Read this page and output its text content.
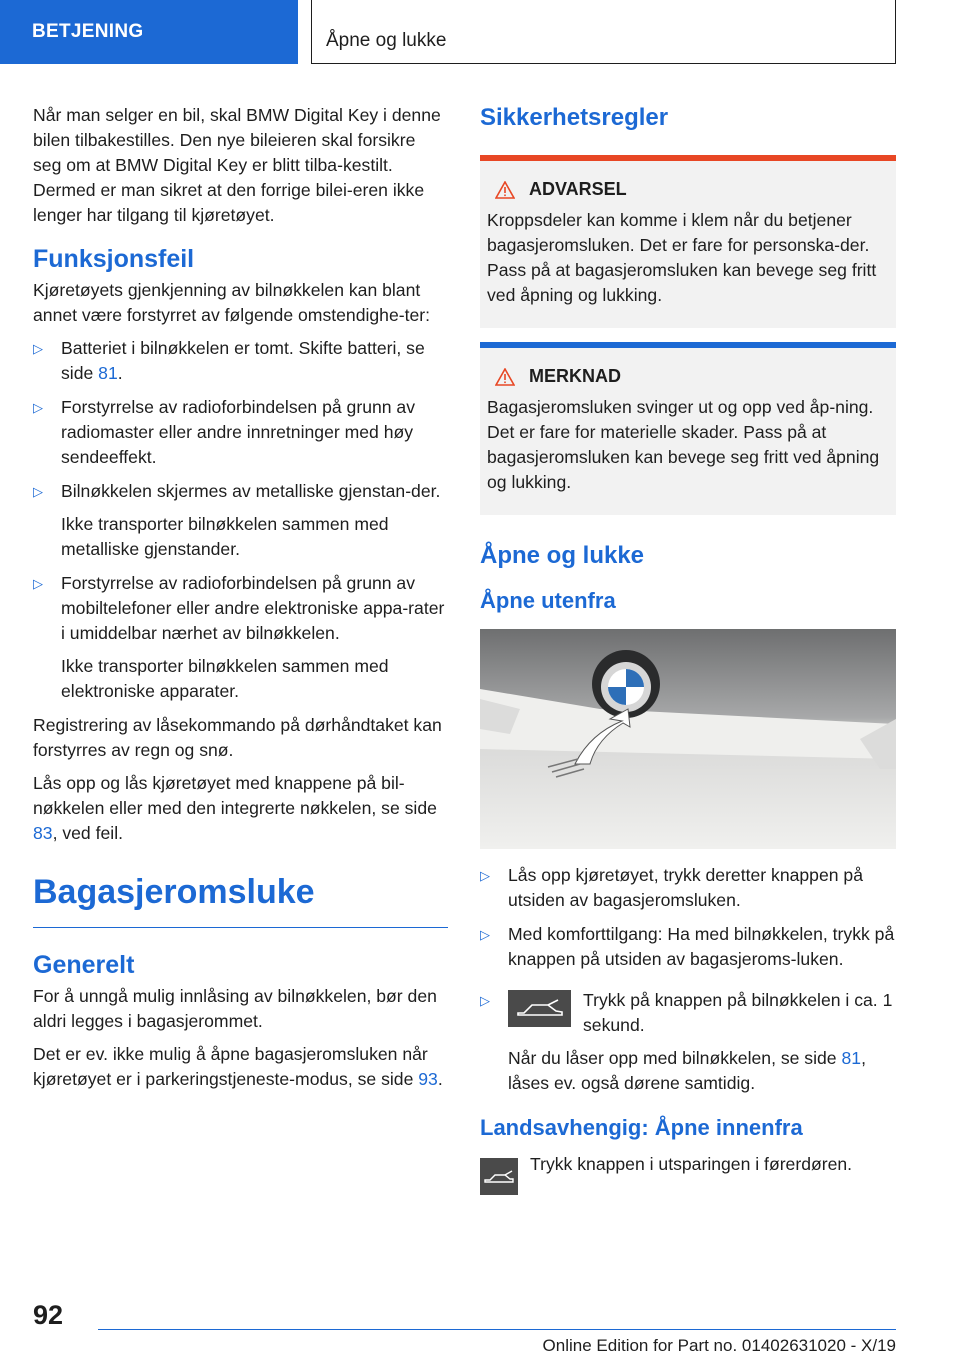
BETJENING	Åpne og lukke

Når man selger en bil, skal BMW Digital Key i denne bilen tilbakestilles. Den nye bileieren skal forsikre seg om at BMW Digital Key er blitt tilba-kestilt. Dermed er man sikret at den forrige bilei-eren ikke lenger har tilgang til kjøretøyet.

Funksjonsfeil

Kjøretøyets gjenkjenning av bilnøkkelen kan blant annet være forstyrret av følgende omstendighe-ter:

▷ Batteriet i bilnøkkelen er tomt. Skifte batteri, se side 81.
▷ Forstyrrelse av radioforbindelsen på grunn av radiomaster eller andre innretninger med høy sendeeffekt.
▷ Bilnøkkelen skjermes av metalliske gjenstan-der.
Ikke transporter bilnøkkelen sammen med metalliske gjenstander.
▷ Forstyrrelse av radioforbindelsen på grunn av mobiltelefoner eller andre elektroniske appa-rater i umiddelbar nærhet av bilnøkkelen.
Ikke transporter bilnøkkelen sammen med elektroniske apparater.

Registrering av låsekommando på dørhåndtaket kan forstyrres av regn og snø.

Lås opp og lås kjøretøyet med knappene på bil-nøkkelen eller med den integrerte nøkkelen, se side 83, ved feil.

Bagasjeromsluke
Generelt

For å unngå mulig innlåsing av bilnøkkelen, bør den aldri legges i bagasjerommet.

Det er ev. ikke mulig å åpne bagasjeromsluken når kjøretøyet er i parkeringstjeneste-modus, se side 93.

Sikkerhetsregler
ADVARSEL
Kroppsdeler kan komme i klem når du betjener bagasjeromsluken. Det er fare for personska-der. Pass på at bagasjeromsluken kan bevege seg fritt ved åpning og lukking.
MERKNAD
Bagasjeromsluken svinger ut og opp ved åp-ning. Det er fare for materielle skader. Pass på at bagasjeromsluken kan bevege seg fritt ved åpning og lukking.
Åpne og lukke
Åpne utenfra
▷ Lås opp kjøretøyet, trykk deretter knappen på utsiden av bagasjeromsluken.
▷ Med komforttilgang: Ha med bilnøkkelen, trykk på knappen på utsiden av bagasjeroms-luken.
▷	Trykk på knappen på bilnøkkelen i ca. 1 sekund.
Når du låser opp med bilnøkkelen, se side 81, låses ev. også dørene samtidig.
Landsavhengig: Åpne innenfra
Trykk knappen i utsparingen i førerdøren.
92
Online Edition for Part no. 01402631020 - X/19
